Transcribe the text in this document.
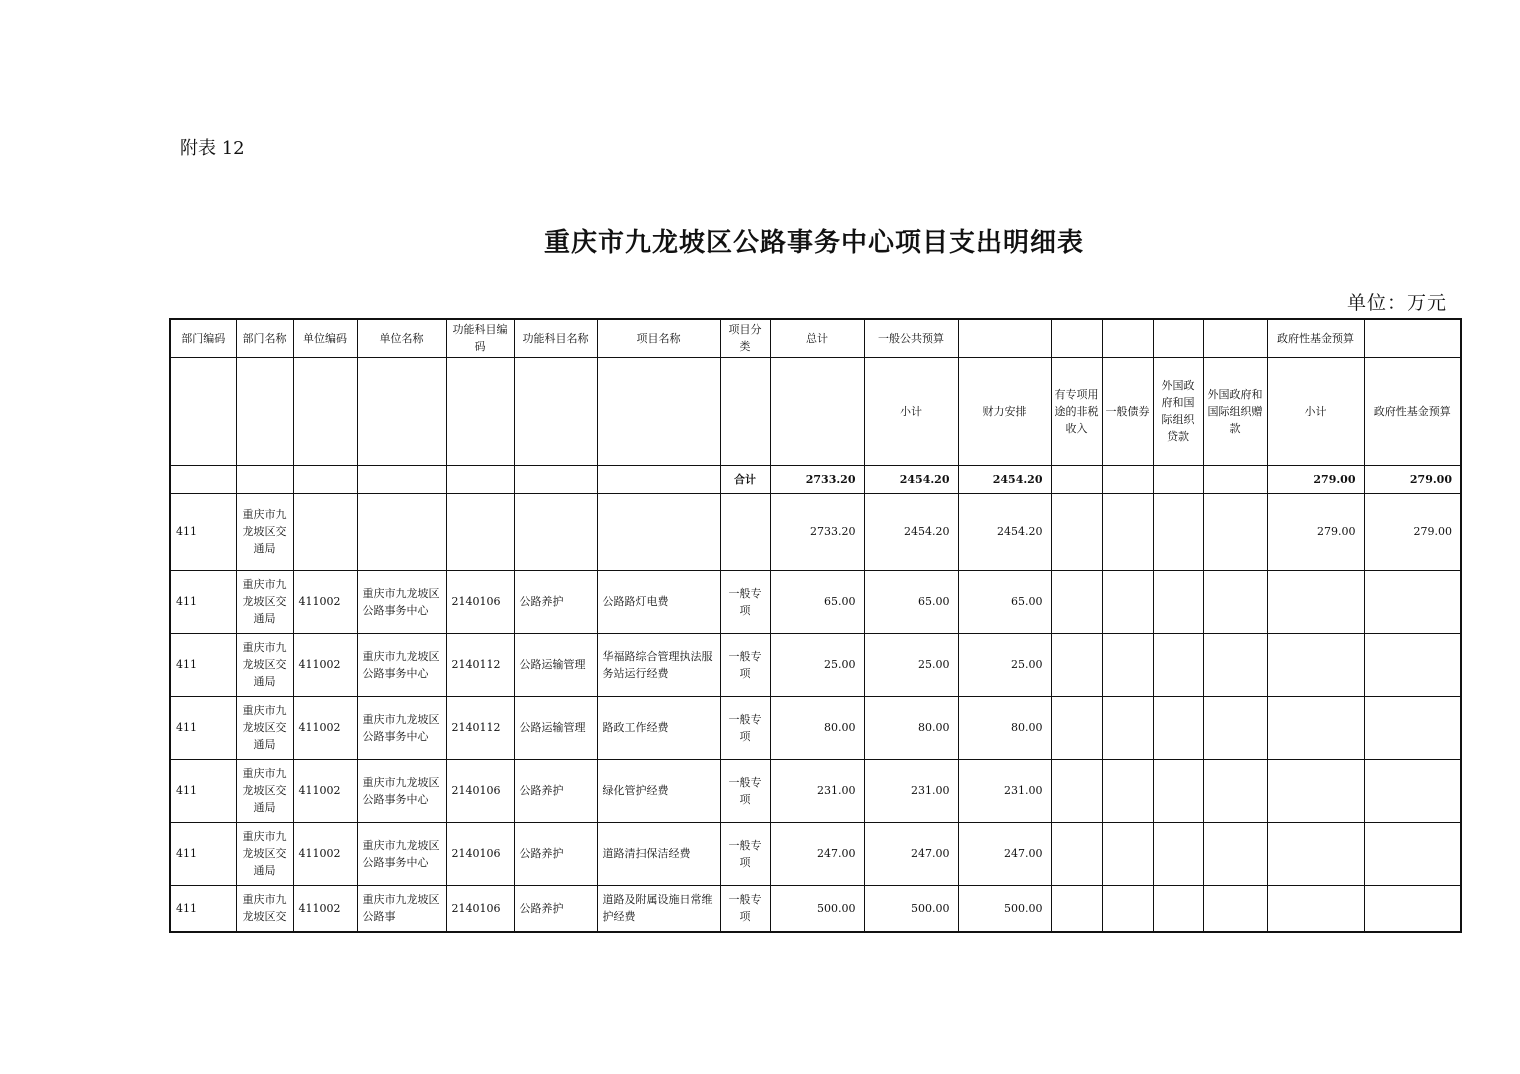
附表 12
重庆市九龙坡区公路事务中心项目支出明细表
单位：万元
部门编码	部门名称	单位编码	单位名称	功能科目编码	功能科目名称	项目名称	项目分类	总计	一般公共预算						政府性基金预算	
									小计	财力安排	有专项用途的非税收入	一般债券	外国政府和国际组织贷款	外国政府和国际组织赠款	小计	政府性基金预算
							合计	2733.20	2454.20	2454.20					279.00	279.00
411	重庆市九龙坡区交通局							2733.20	2454.20	2454.20					279.00	279.00
411	重庆市九龙坡区交通局	411002	重庆市九龙坡区公路事务中心	2140106	公路养护	公路路灯电费	一般专项	65.00	65.00	65.00						
411	重庆市九龙坡区交通局	411002	重庆市九龙坡区公路事务中心	2140112	公路运输管理	华福路综合管理执法服务站运行经费	一般专项	25.00	25.00	25.00						
411	重庆市九龙坡区交通局	411002	重庆市九龙坡区公路事务中心	2140112	公路运输管理	路政工作经费	一般专项	80.00	80.00	80.00						
411	重庆市九龙坡区交通局	411002	重庆市九龙坡区公路事务中心	2140106	公路养护	绿化管护经费	一般专项	231.00	231.00	231.00						
411	重庆市九龙坡区交通局	411002	重庆市九龙坡区公路事务中心	2140106	公路养护	道路清扫保洁经费	一般专项	247.00	247.00	247.00						
411	重庆市九龙坡区交	411002	重庆市九龙坡区公路事	2140106	公路养护	道路及附属设施日常维护经费	一般专项	500.00	500.00	500.00						
